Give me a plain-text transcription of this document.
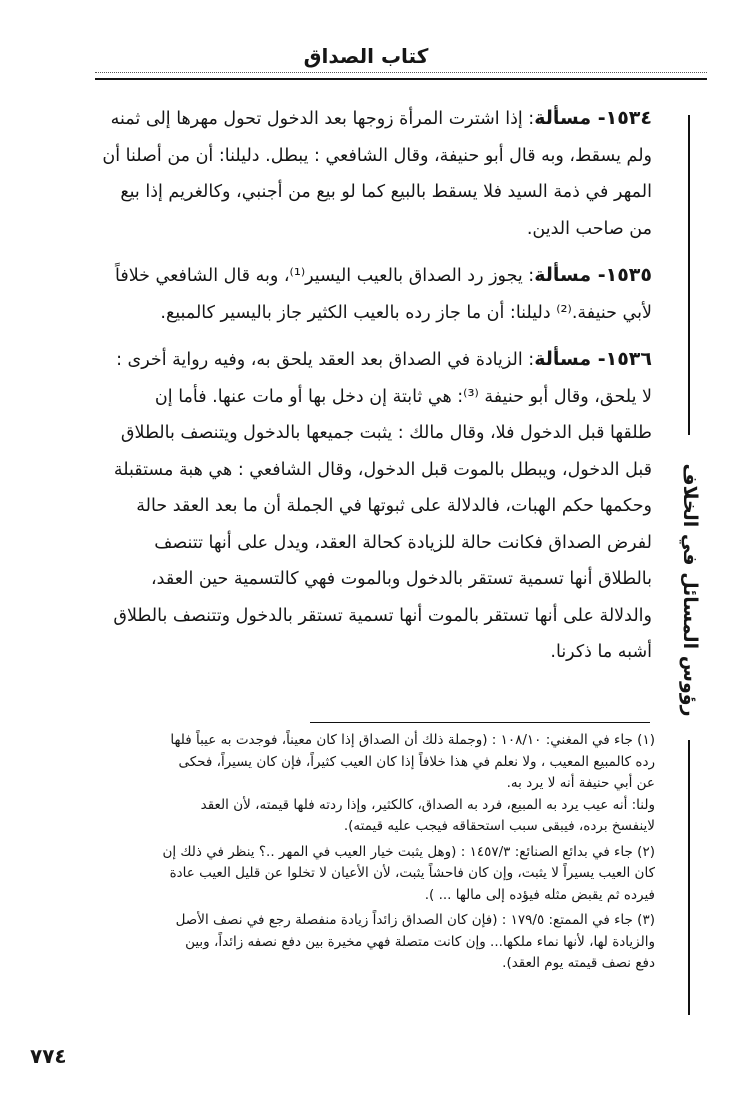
كتاب الصداق
رؤوس المسائل في الخلاف
١٥٣٤- مسألة: إذا اشترت المرأة زوجها بعد الدخول تحول مهرها إلى ثمنه
ولم يسقط، وبه قال أبو حنيفة، وقال الشافعي : يبطل. دليلنا: أن من أصلنا أن
المهر في ذمة السيد فلا يسقط بالبيع كما لو بيع من أجنبي، وكالغريم إذا بيع
من صاحب الدين.
١٥٣٥- مسألة: يجوز رد الصداق بالعيب اليسير⁽¹⁾، وبه قال الشافعي خلافاً
لأبي حنيفة.⁽²⁾ دليلنا: أن ما جاز رده بالعيب الكثير جاز باليسير كالمبيع.
١٥٣٦- مسألة: الزيادة في الصداق بعد العقد يلحق به، وفيه رواية أخرى :
لا يلحق، وقال أبو حنيفة ⁽³⁾: هي ثابتة إن دخل بها أو مات عنها. فأما إن
طلقها قبل الدخول فلا، وقال مالك : يثبت جميعها بالدخول ويتنصف بالطلاق
قبل الدخول، ويبطل بالموت قبل الدخول، وقال الشافعي : هي هبة مستقبلة
وحكمها حكم الهبات، فالدلالة على ثبوتها في الجملة أن ما بعد العقد حالة
لفرض الصداق فكانت حالة للزيادة كحالة العقد، ويدل على أنها تتنصف
بالطلاق أنها تسمية تستقر بالدخول وبالموت فهي كالتسمية حين العقد،
والدلالة على أنها تستقر بالموت أنها تسمية تستقر بالدخول وتتنصف بالطلاق
أشبه ما ذكرنا.
(١) جاء في المغني: ١٠٨/١٠ : (وجملة ذلك أن الصداق إذا كان معيناً، فوجدت به عيباً فلها
رده كالمبيع المعيب ، ولا نعلم في هذا خلافاً إذا كان العيب كثيراً، فإن كان يسيراً، فحكى
عن أبي حنيفة أنه لا يرد به.
ولنا: أنه عيب يرد به المبيع، فرد به الصداق، كالكثير، وإذا ردته فلها قيمته، لأن العقد
لاينفسخ برده، فيبقى سبب استحقاقه فيجب عليه قيمته).
(٢) جاء في بدائع الصنائع: ١٤٥٧/٣ : (وهل يثبت خيار العيب في المهر ..؟ ينظر في ذلك إن
كان العيب يسيراً لا يثبت، وإن كان فاحشاً يثبت، لأن الأعيان لا تخلوا عن قليل العيب عادة
فيرده ثم يقبض مثله فيؤده إلى مالها ... ).
(٣) جاء في الممتع: ١٧٩/٥ : (فإن كان الصداق زائداً زيادة منفصلة رجع في نصف الأصل
والزيادة لها، لأنها نماء ملكها... وإن كانت متصلة فهي مخيرة بين دفع نصفه زائداً، وبين
دفع نصف قيمته يوم العقد).
٧٧٤
